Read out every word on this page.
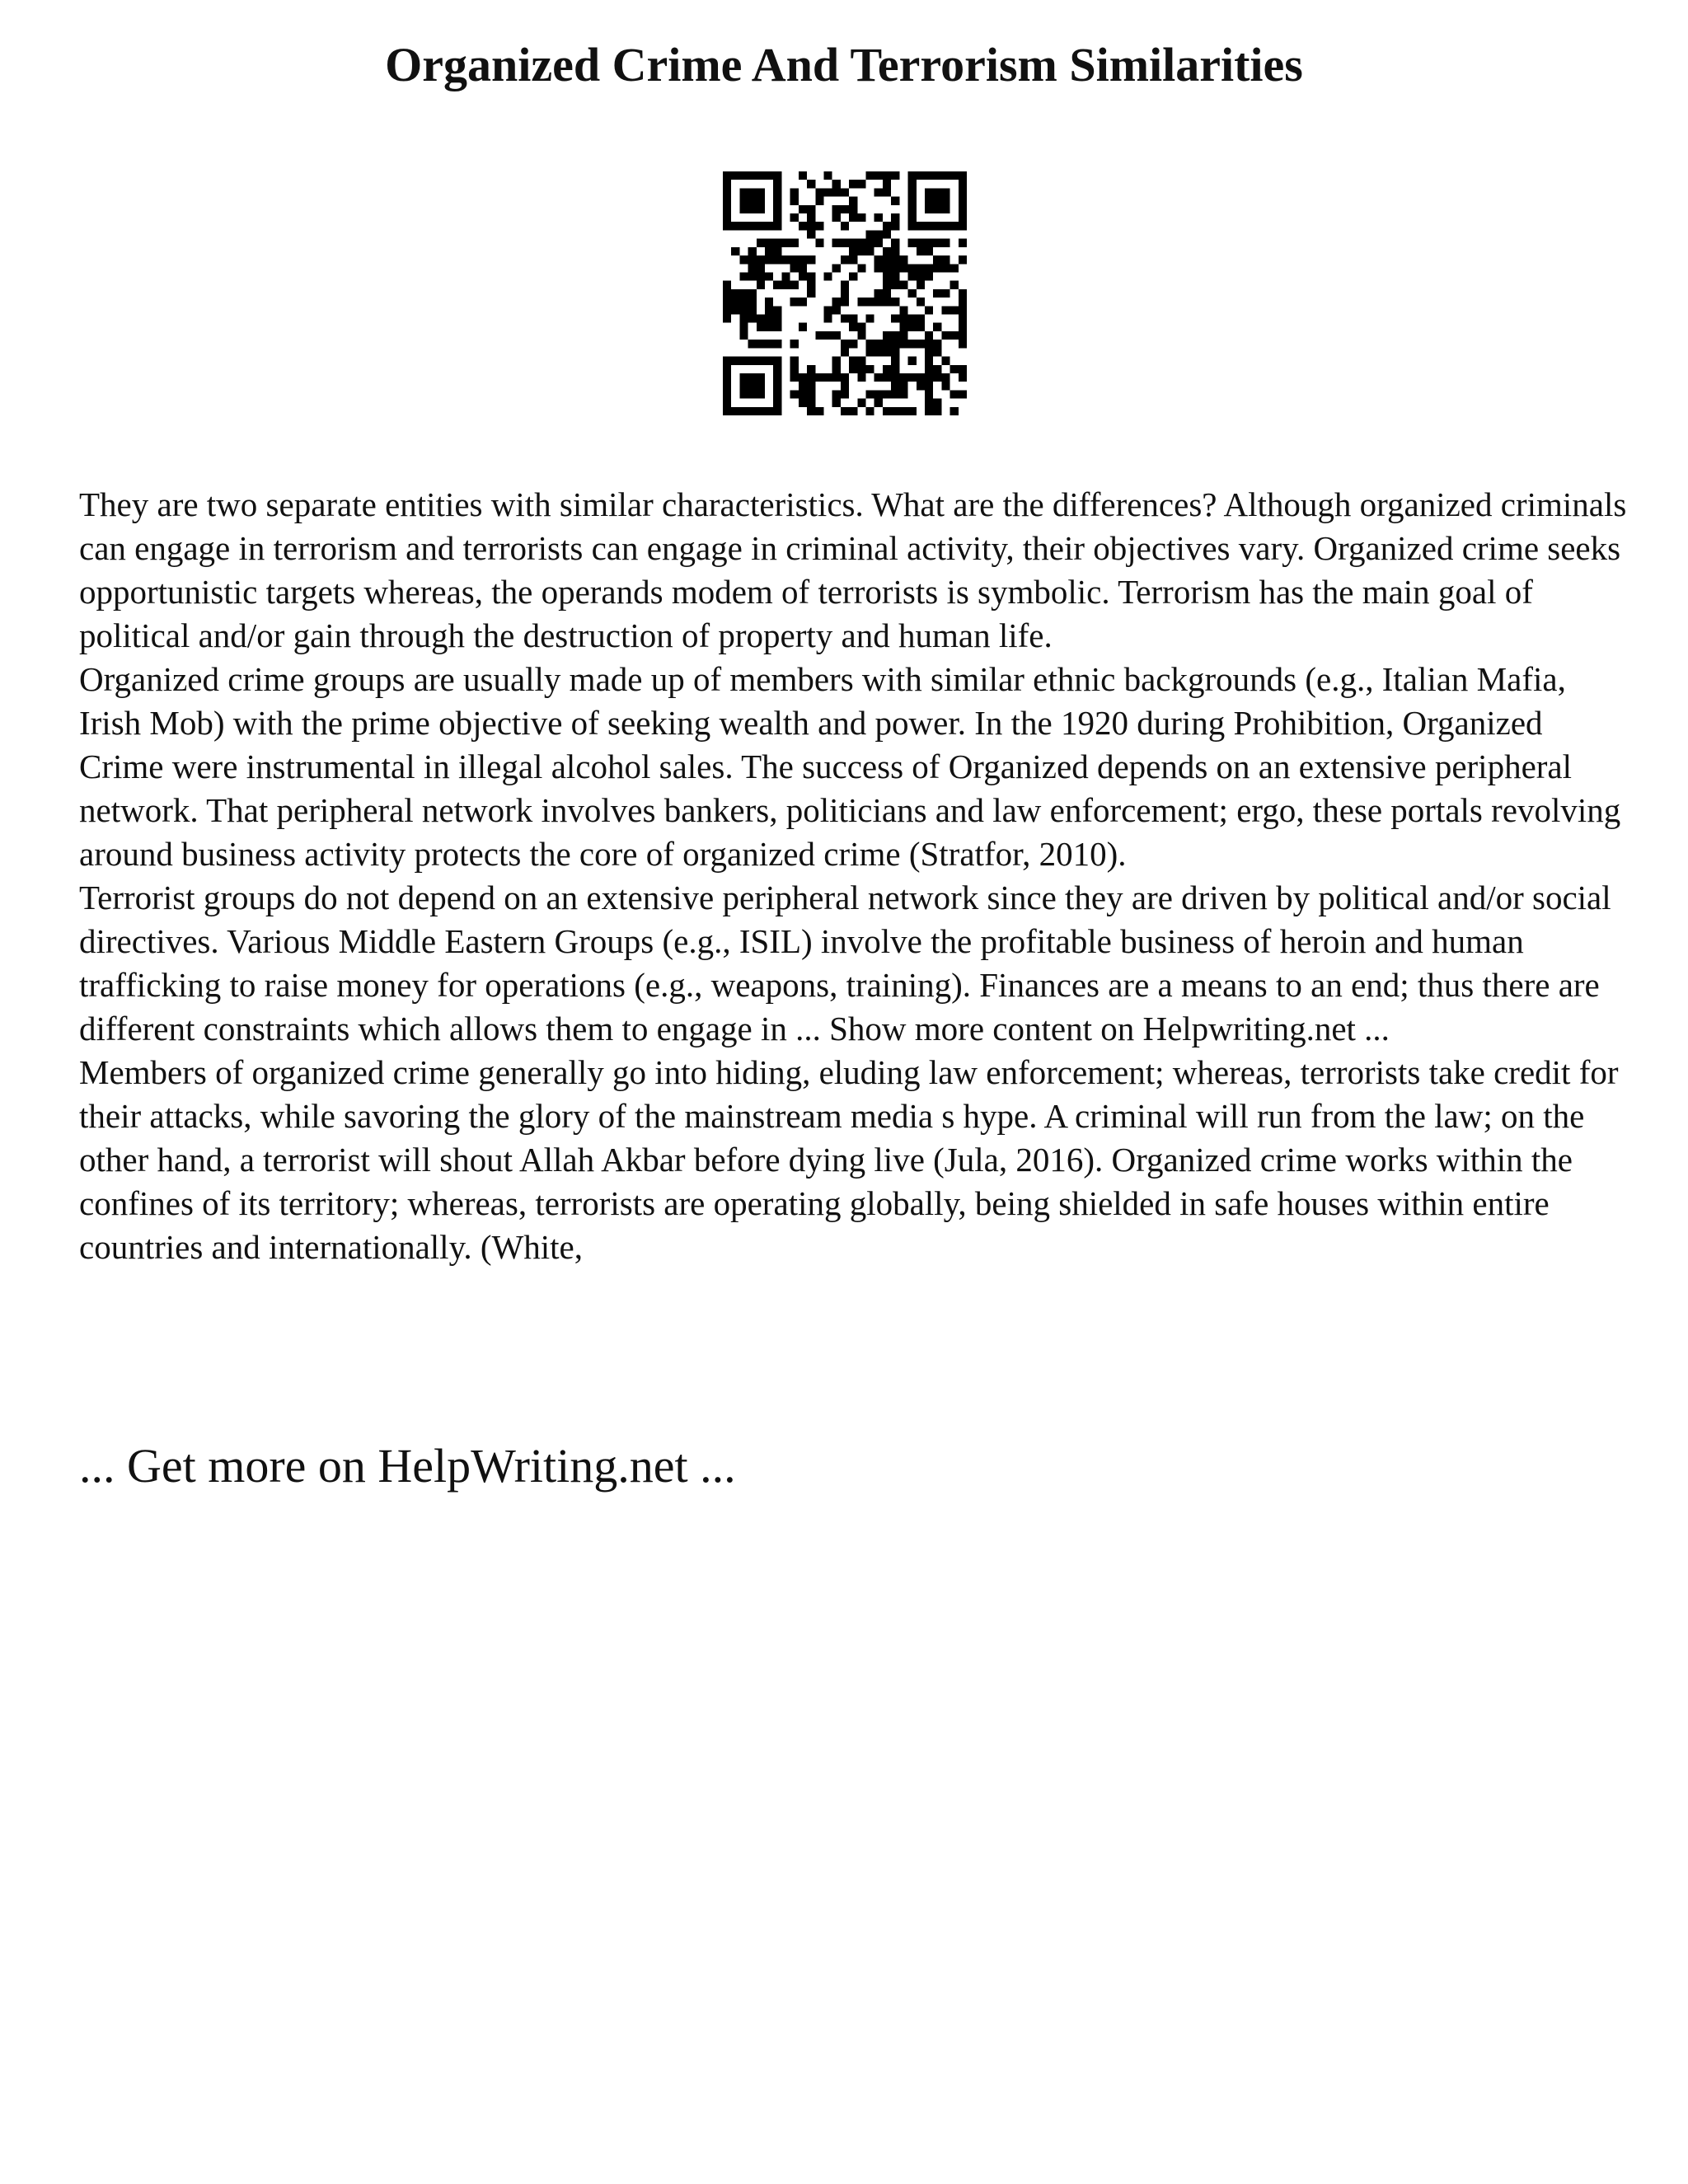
Organized Crime And Terrorism Similarities

They are two separate entities with similar characteristics. What are the differences? Although organized criminals can engage in terrorism and terrorists can engage in criminal activity, their objectives vary. Organized crime seeks opportunistic targets whereas, the operands modem of terrorists is symbolic. Terrorism has the main goal of political and/or gain through the destruction of property and human life.

Organized crime groups are usually made up of members with similar ethnic backgrounds (e.g., Italian Mafia, Irish Mob) with the prime objective of seeking wealth and power. In the 1920 during Prohibition, Organized Crime were instrumental in illegal alcohol sales. The success of Organized depends on an extensive peripheral network. That peripheral network involves bankers, politicians and law enforcement; ergo, these portals revolving around business activity protects the core of organized crime (Stratfor, 2010).

Terrorist groups do not depend on an extensive peripheral network since they are driven by political and/or social directives. Various Middle Eastern Groups (e.g., ISIL) involve the profitable business of heroin and human trafficking to raise money for operations (e.g., weapons, training). Finances are a means to an end; thus there are different constraints which allows them to engage in ... Show more content on Helpwriting.net ...

Members of organized crime generally go into hiding, eluding law enforcement; whereas, terrorists take credit for their attacks, while savoring the glory of the mainstream media s hype. A criminal will run from the law; on the other hand, a terrorist will shout Allah Akbar before dying live (Jula, 2016). Organized crime works within the confines of its territory; whereas, terrorists are operating globally, being shielded in safe houses within entire countries and internationally. (White,

... Get more on HelpWriting.net ...
